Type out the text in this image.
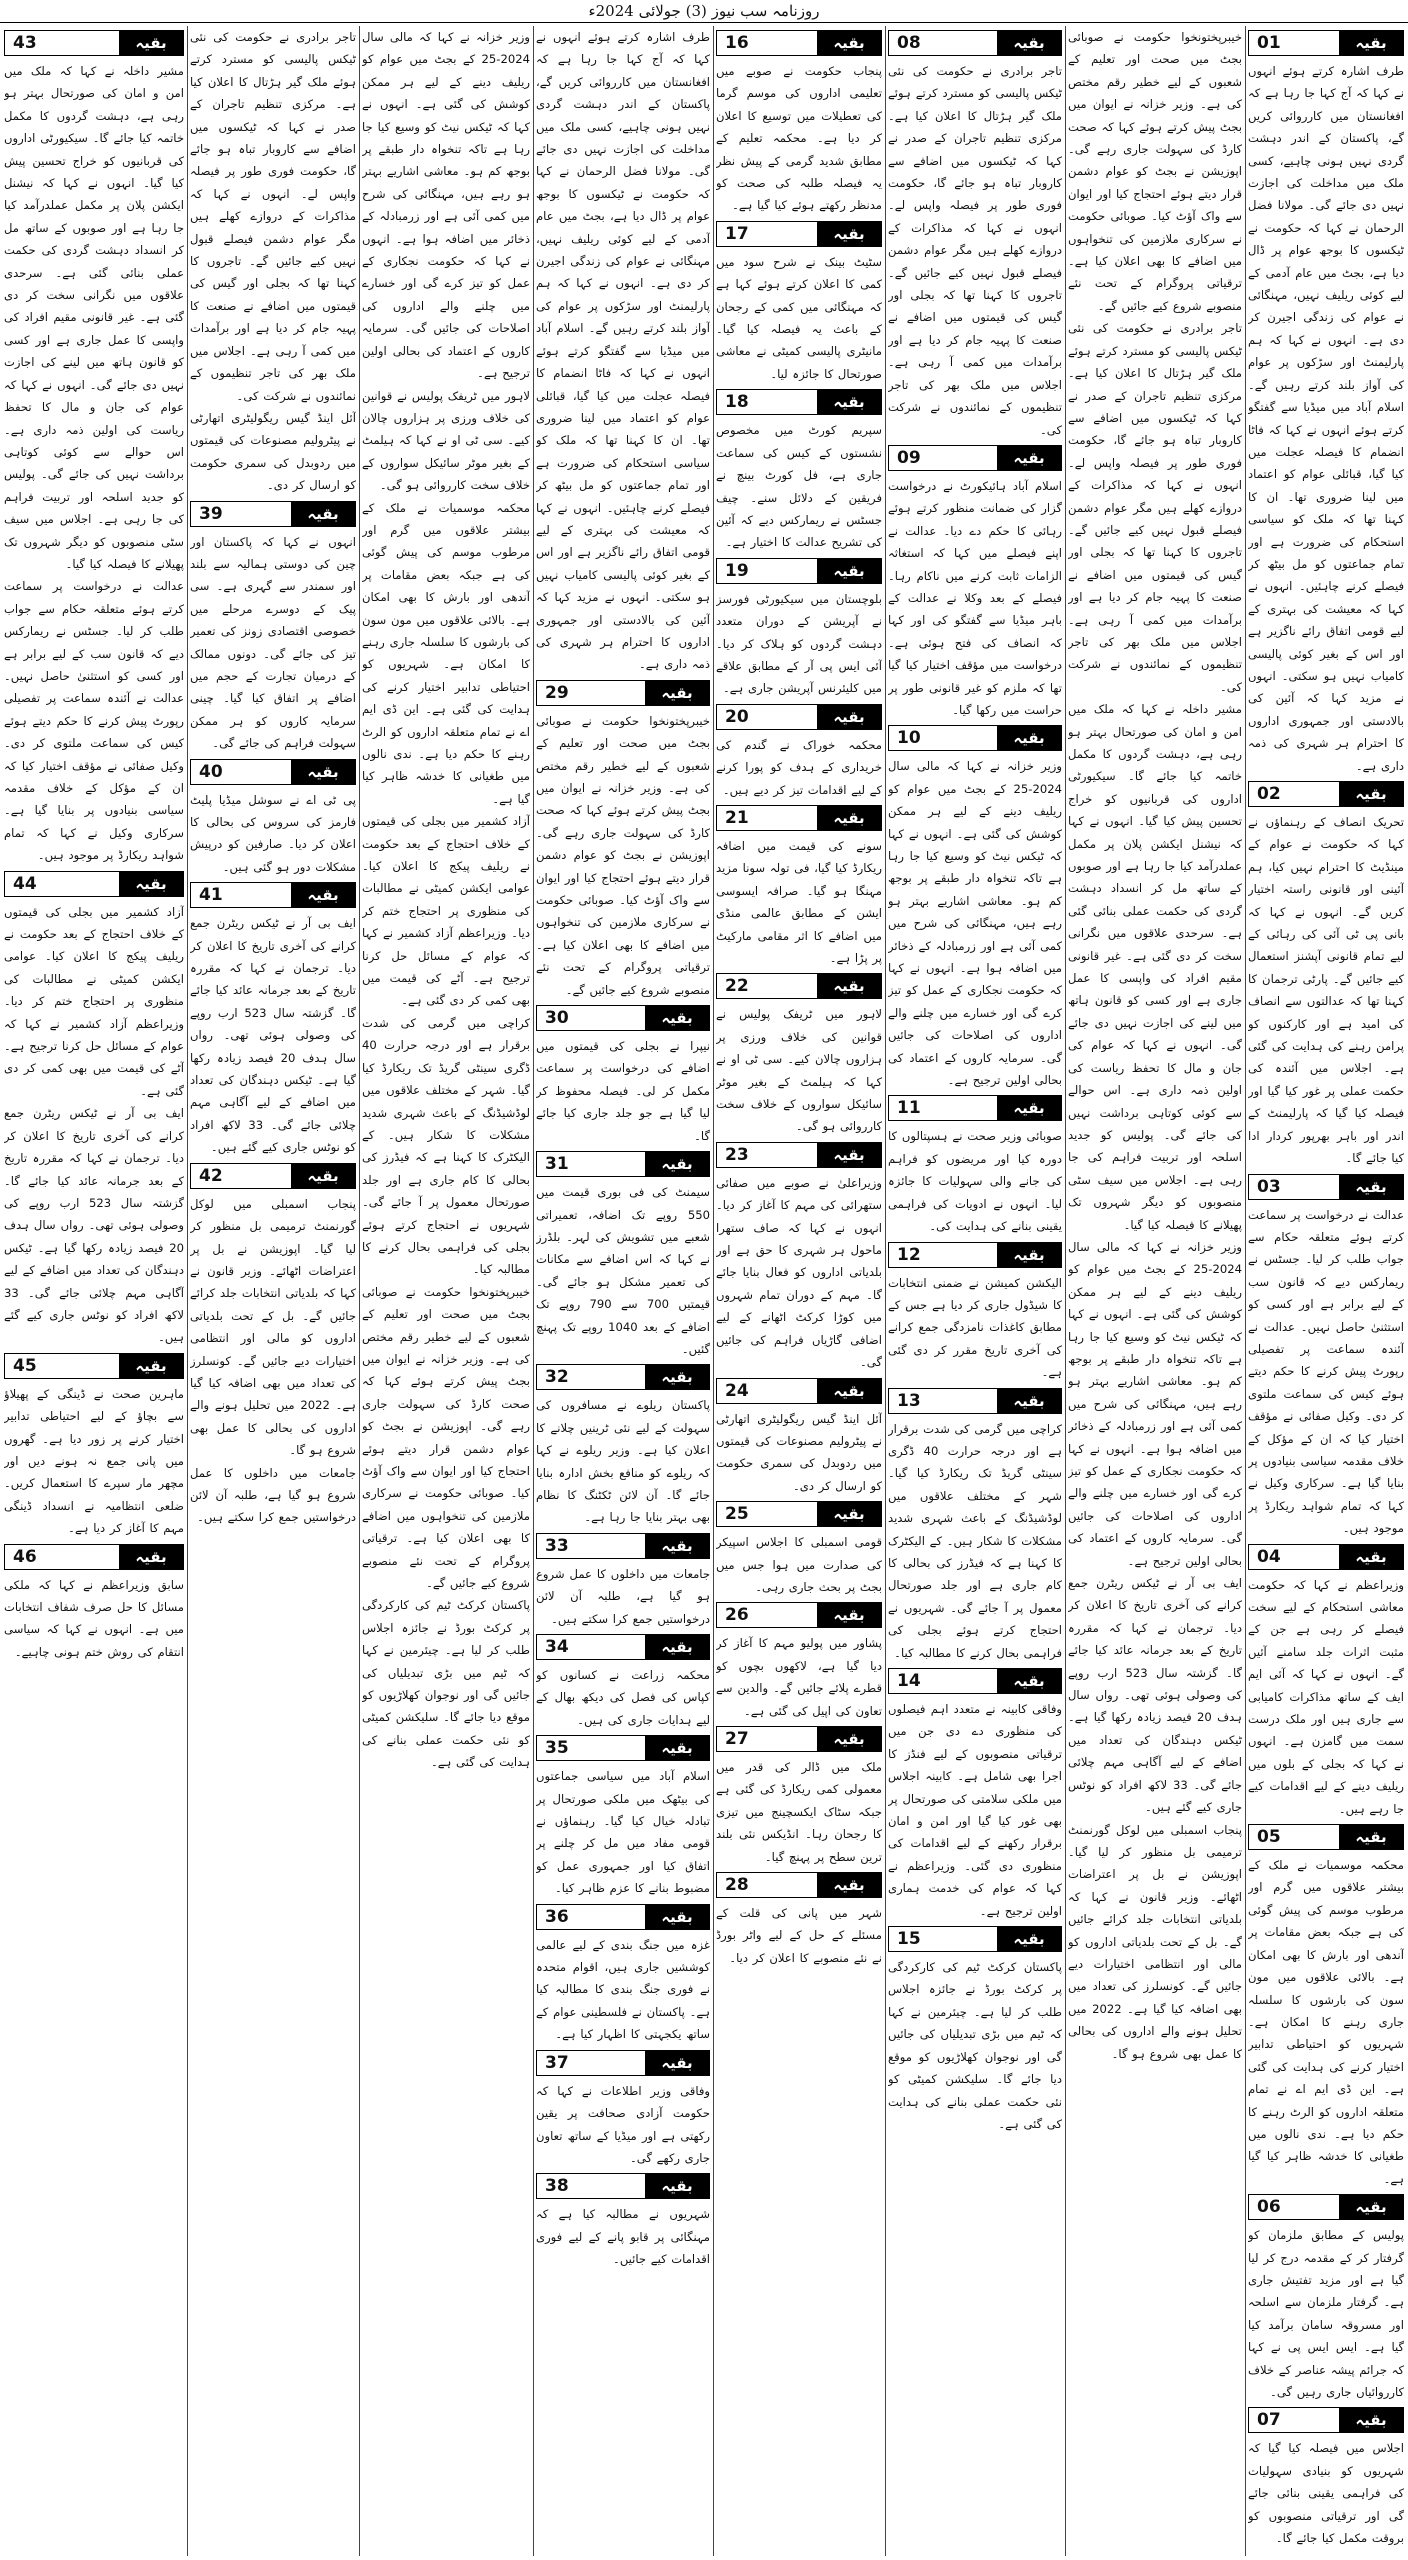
روزنامہ سب نیوز (3) جولائی 2024ء
01	بقیہ
طرف اشارہ کرتے ہوئے انہوں نے کہا کہ آج کہا جا رہا ہے کہ افغانستان میں کارروائی کریں گے، پاکستان کے اندر دہشت گردی نہیں ہونی چاہیے، کسی ملک میں مداخلت کی اجازت نہیں دی جائے گی۔ مولانا فضل الرحمان نے کہا کہ حکومت نے ٹیکسوں کا بوجھ عوام پر ڈال دیا ہے، بجٹ میں عام آدمی کے لیے کوئی ریلیف نہیں، مہنگائی نے عوام کی زندگی اجیرن کر دی ہے۔ انہوں نے کہا کہ ہم پارلیمنٹ اور سڑکوں پر عوام کی آواز بلند کرتے رہیں گے۔ اسلام آباد میں میڈیا سے گفتگو کرتے ہوئے انہوں نے کہا کہ فاٹا انضمام کا فیصلہ عجلت میں کیا گیا، قبائلی عوام کو اعتماد میں لینا ضروری تھا۔ ان کا کہنا تھا کہ ملک کو سیاسی استحکام کی ضرورت ہے اور تمام جماعتوں کو مل بیٹھ کر فیصلے کرنے چاہئیں۔ انہوں نے کہا کہ معیشت کی بہتری کے لیے قومی اتفاق رائے ناگزیر ہے اور اس کے بغیر کوئی پالیسی کامیاب نہیں ہو سکتی۔ انہوں نے مزید کہا کہ آئین کی بالادستی اور جمہوری اداروں کا احترام ہر شہری کی ذمہ داری ہے۔
02	بقیہ
تحریک انصاف کے رہنماؤں نے کہا کہ حکومت نے عوام کے مینڈیٹ کا احترام نہیں کیا، ہم آئینی اور قانونی راستہ اختیار کریں گے۔ انہوں نے کہا کہ بانی پی ٹی آئی کی رہائی کے لیے تمام قانونی آپشنز استعمال کیے جائیں گے۔ پارٹی ترجمان کا کہنا تھا کہ عدالتوں سے انصاف کی امید ہے اور کارکنوں کو پرامن رہنے کی ہدایت کی گئی ہے۔ اجلاس میں آئندہ کی حکمت عملی پر غور کیا گیا اور فیصلہ کیا گیا کہ پارلیمنٹ کے اندر اور باہر بھرپور کردار ادا کیا جائے گا۔
03	بقیہ
عدالت نے درخواست پر سماعت کرتے ہوئے متعلقہ حکام سے جواب طلب کر لیا۔ جسٹس نے ریمارکس دیے کہ قانون سب کے لیے برابر ہے اور کسی کو استثنیٰ حاصل نہیں۔ عدالت نے آئندہ سماعت پر تفصیلی رپورٹ پیش کرنے کا حکم دیتے ہوئے کیس کی سماعت ملتوی کر دی۔ وکیل صفائی نے مؤقف اختیار کیا کہ ان کے مؤکل کے خلاف مقدمہ سیاسی بنیادوں پر بنایا گیا ہے۔ سرکاری وکیل نے کہا کہ تمام شواہد ریکارڈ پر موجود ہیں۔
04	بقیہ
وزیراعظم نے کہا کہ حکومت معاشی استحکام کے لیے سخت فیصلے کر رہی ہے جن کے مثبت اثرات جلد سامنے آئیں گے۔ انہوں نے کہا کہ آئی ایم ایف کے ساتھ مذاکرات کامیابی سے جاری ہیں اور ملک درست سمت میں گامزن ہے۔ انہوں نے کہا کہ بجلی کے بلوں میں ریلیف دینے کے لیے اقدامات کیے جا رہے ہیں۔
05	بقیہ
محکمہ موسمیات نے ملک کے بیشتر علاقوں میں گرم اور مرطوب موسم کی پیش گوئی کی ہے جبکہ بعض مقامات پر آندھی اور بارش کا بھی امکان ہے۔ بالائی علاقوں میں مون سون کی بارشوں کا سلسلہ جاری رہنے کا امکان ہے۔ شہریوں کو احتیاطی تدابیر اختیار کرنے کی ہدایت کی گئی ہے۔ این ڈی ایم اے نے تمام متعلقہ اداروں کو الرٹ رہنے کا حکم دیا ہے۔ ندی نالوں میں طغیانی کا خدشہ ظاہر کیا گیا ہے۔
06	بقیہ
پولیس کے مطابق ملزمان کو گرفتار کر کے مقدمہ درج کر لیا گیا ہے اور مزید تفتیش جاری ہے۔ گرفتار ملزمان سے اسلحہ اور مسروقہ سامان برآمد کیا گیا ہے۔ ایس ایس پی نے کہا کہ جرائم پیشہ عناصر کے خلاف کارروائیاں جاری رہیں گی۔
07	بقیہ
اجلاس میں فیصلہ کیا گیا کہ شہریوں کو بنیادی سہولیات کی فراہمی یقینی بنائی جائے گی اور ترقیاتی منصوبوں کو بروقت مکمل کیا جائے گا۔
خیبرپختونخوا حکومت نے صوبائی بجٹ میں صحت اور تعلیم کے شعبوں کے لیے خطیر رقم مختص کی ہے۔ وزیر خزانہ نے ایوان میں بجٹ پیش کرتے ہوئے کہا کہ صحت کارڈ کی سہولت جاری رہے گی۔ اپوزیشن نے بجٹ کو عوام دشمن قرار دیتے ہوئے احتجاج کیا اور ایوان سے واک آؤٹ کیا۔ صوبائی حکومت نے سرکاری ملازمین کی تنخواہوں میں اضافے کا بھی اعلان کیا ہے۔ ترقیاتی پروگرام کے تحت نئے منصوبے شروع کیے جائیں گے۔
تاجر برادری نے حکومت کی نئی ٹیکس پالیسی کو مسترد کرتے ہوئے ملک گیر ہڑتال کا اعلان کیا ہے۔ مرکزی تنظیم تاجران کے صدر نے کہا کہ ٹیکسوں میں اضافے سے کاروبار تباہ ہو جائے گا، حکومت فوری طور پر فیصلہ واپس لے۔ انہوں نے کہا کہ مذاکرات کے دروازے کھلے ہیں مگر عوام دشمن فیصلے قبول نہیں کیے جائیں گے۔ تاجروں کا کہنا تھا کہ بجلی اور گیس کی قیمتوں میں اضافے نے صنعت کا پہیہ جام کر دیا ہے اور برآمدات میں کمی آ رہی ہے۔ اجلاس میں ملک بھر کی تاجر تنظیموں کے نمائندوں نے شرکت کی۔
مشیر داخلہ نے کہا کہ ملک میں امن و امان کی صورتحال بہتر ہو رہی ہے، دہشت گردوں کا مکمل خاتمہ کیا جائے گا۔ سیکیورٹی اداروں کی قربانیوں کو خراج تحسین پیش کیا گیا۔ انہوں نے کہا کہ نیشنل ایکشن پلان پر مکمل عملدرآمد کیا جا رہا ہے اور صوبوں کے ساتھ مل کر انسداد دہشت گردی کی حکمت عملی بنائی گئی ہے۔ سرحدی علاقوں میں نگرانی سخت کر دی گئی ہے۔ غیر قانونی مقیم افراد کی واپسی کا عمل جاری ہے اور کسی کو قانون ہاتھ میں لینے کی اجازت نہیں دی جائے گی۔ انہوں نے کہا کہ عوام کی جان و مال کا تحفظ ریاست کی اولین ذمہ داری ہے۔ اس حوالے سے کوئی کوتاہی برداشت نہیں کی جائے گی۔ پولیس کو جدید اسلحہ اور تربیت فراہم کی جا رہی ہے۔ اجلاس میں سیف سٹی منصوبوں کو دیگر شہروں تک پھیلانے کا فیصلہ کیا گیا۔
وزیر خزانہ نے کہا کہ مالی سال 2024-25 کے بجٹ میں عوام کو ریلیف دینے کے لیے ہر ممکن کوشش کی گئی ہے۔ انہوں نے کہا کہ ٹیکس نیٹ کو وسیع کیا جا رہا ہے تاکہ تنخواہ دار طبقے پر بوجھ کم ہو۔ معاشی اشاریے بہتر ہو رہے ہیں، مہنگائی کی شرح میں کمی آئی ہے اور زرمبادلہ کے ذخائر میں اضافہ ہوا ہے۔ انہوں نے کہا کہ حکومت نجکاری کے عمل کو تیز کرے گی اور خسارے میں چلنے والے اداروں کی اصلاحات کی جائیں گی۔ سرمایہ کاروں کے اعتماد کی بحالی اولین ترجیح ہے۔
ایف بی آر نے ٹیکس ریٹرن جمع کرانے کی آخری تاریخ کا اعلان کر دیا۔ ترجمان نے کہا کہ مقررہ تاریخ کے بعد جرمانہ عائد کیا جائے گا۔ گزشتہ سال 523 ارب روپے کی وصولی ہوئی تھی۔ رواں سال ہدف 20 فیصد زیادہ رکھا گیا ہے۔ ٹیکس دہندگان کی تعداد میں اضافے کے لیے آگاہی مہم چلائی جائے گی۔ 33 لاکھ افراد کو نوٹس جاری کیے گئے ہیں۔
پنجاب اسمبلی میں لوکل گورنمنٹ ترمیمی بل منظور کر لیا گیا۔ اپوزیشن نے بل پر اعتراضات اٹھائے۔ وزیر قانون نے کہا کہ بلدیاتی انتخابات جلد کرائے جائیں گے۔ بل کے تحت بلدیاتی اداروں کو مالی اور انتظامی اختیارات دیے جائیں گے۔ کونسلرز کی تعداد میں بھی اضافہ کیا گیا ہے۔ 2022 میں تحلیل ہونے والے اداروں کی بحالی کا عمل بھی شروع ہو گا۔
08	بقیہ
تاجر برادری نے حکومت کی نئی ٹیکس پالیسی کو مسترد کرتے ہوئے ملک گیر ہڑتال کا اعلان کیا ہے۔ مرکزی تنظیم تاجران کے صدر نے کہا کہ ٹیکسوں میں اضافے سے کاروبار تباہ ہو جائے گا، حکومت فوری طور پر فیصلہ واپس لے۔ انہوں نے کہا کہ مذاکرات کے دروازے کھلے ہیں مگر عوام دشمن فیصلے قبول نہیں کیے جائیں گے۔ تاجروں کا کہنا تھا کہ بجلی اور گیس کی قیمتوں میں اضافے نے صنعت کا پہیہ جام کر دیا ہے اور برآمدات میں کمی آ رہی ہے۔ اجلاس میں ملک بھر کی تاجر تنظیموں کے نمائندوں نے شرکت کی۔
09	بقیہ
اسلام آباد ہائیکورٹ نے درخواست گزار کی ضمانت منظور کرتے ہوئے رہائی کا حکم دے دیا۔ عدالت نے اپنے فیصلے میں کہا کہ استغاثہ الزامات ثابت کرنے میں ناکام رہا۔ فیصلے کے بعد وکلا نے عدالت کے باہر میڈیا سے گفتگو کی اور کہا کہ انصاف کی فتح ہوئی ہے۔ درخواست میں مؤقف اختیار کیا گیا تھا کہ ملزم کو غیر قانونی طور پر حراست میں رکھا گیا۔
10	بقیہ
وزیر خزانہ نے کہا کہ مالی سال 2024-25 کے بجٹ میں عوام کو ریلیف دینے کے لیے ہر ممکن کوشش کی گئی ہے۔ انہوں نے کہا کہ ٹیکس نیٹ کو وسیع کیا جا رہا ہے تاکہ تنخواہ دار طبقے پر بوجھ کم ہو۔ معاشی اشاریے بہتر ہو رہے ہیں، مہنگائی کی شرح میں کمی آئی ہے اور زرمبادلہ کے ذخائر میں اضافہ ہوا ہے۔ انہوں نے کہا کہ حکومت نجکاری کے عمل کو تیز کرے گی اور خسارے میں چلنے والے اداروں کی اصلاحات کی جائیں گی۔ سرمایہ کاروں کے اعتماد کی بحالی اولین ترجیح ہے۔
11	بقیہ
صوبائی وزیر صحت نے ہسپتالوں کا دورہ کیا اور مریضوں کو فراہم کی جانے والی سہولیات کا جائزہ لیا۔ انہوں نے ادویات کی فراہمی یقینی بنانے کی ہدایت کی۔
12	بقیہ
الیکشن کمیشن نے ضمنی انتخابات کا شیڈول جاری کر دیا ہے جس کے مطابق کاغذات نامزدگی جمع کرانے کی آخری تاریخ مقرر کر دی گئی ہے۔
13	بقیہ
کراچی میں گرمی کی شدت برقرار ہے اور درجہ حرارت 40 ڈگری سینٹی گریڈ تک ریکارڈ کیا گیا۔ شہر کے مختلف علاقوں میں لوڈشیڈنگ کے باعث شہری شدید مشکلات کا شکار ہیں۔ کے الیکٹرک کا کہنا ہے کہ فیڈرز کی بحالی کا کام جاری ہے اور جلد صورتحال معمول پر آ جائے گی۔ شہریوں نے احتجاج کرتے ہوئے بجلی کی فراہمی بحال کرنے کا مطالبہ کیا۔
14	بقیہ
وفاقی کابینہ نے متعدد اہم فیصلوں کی منظوری دے دی جن میں ترقیاتی منصوبوں کے لیے فنڈز کا اجرا بھی شامل ہے۔ کابینہ اجلاس میں ملکی سلامتی کی صورتحال پر بھی غور کیا گیا اور امن و امان برقرار رکھنے کے لیے اقدامات کی منظوری دی گئی۔ وزیراعظم نے کہا کہ عوام کی خدمت ہماری اولین ترجیح ہے۔
15	بقیہ
پاکستان کرکٹ ٹیم کی کارکردگی پر کرکٹ بورڈ نے جائزہ اجلاس طلب کر لیا ہے۔ چیئرمین نے کہا کہ ٹیم میں بڑی تبدیلیاں کی جائیں گی اور نوجوان کھلاڑیوں کو موقع دیا جائے گا۔ سلیکشن کمیٹی کو نئی حکمت عملی بنانے کی ہدایت کی گئی ہے۔
16	بقیہ
پنجاب حکومت نے صوبے میں تعلیمی اداروں کی موسم گرما کی تعطیلات میں توسیع کا اعلان کر دیا ہے۔ محکمہ تعلیم کے مطابق شدید گرمی کے پیش نظر یہ فیصلہ طلبہ کی صحت کو مدنظر رکھتے ہوئے کیا گیا ہے۔
17	بقیہ
سٹیٹ بینک نے شرح سود میں کمی کا اعلان کرتے ہوئے کہا ہے کہ مہنگائی میں کمی کے رجحان کے باعث یہ فیصلہ کیا گیا۔ مانیٹری پالیسی کمیٹی نے معاشی صورتحال کا جائزہ لیا۔
18	بقیہ
سپریم کورٹ میں مخصوص نشستوں کے کیس کی سماعت جاری ہے، فل کورٹ بینچ نے فریقین کے دلائل سنے۔ چیف جسٹس نے ریمارکس دیے کہ آئین کی تشریح عدالت کا اختیار ہے۔
19	بقیہ
بلوچستان میں سیکیورٹی فورسز نے آپریشن کے دوران متعدد دہشت گردوں کو ہلاک کر دیا۔ آئی ایس پی آر کے مطابق علاقے میں کلیئرنس آپریشن جاری ہے۔
20	بقیہ
محکمہ خوراک نے گندم کی خریداری کے ہدف کو پورا کرنے کے لیے اقدامات تیز کر دیے ہیں۔
21	بقیہ
سونے کی قیمت میں اضافہ ریکارڈ کیا گیا، فی تولہ سونا مزید مہنگا ہو گیا۔ صرافہ ایسوسی ایشن کے مطابق عالمی منڈی میں اضافے کا اثر مقامی مارکیٹ پر پڑا ہے۔
22	بقیہ
لاہور میں ٹریفک پولیس نے قوانین کی خلاف ورزی پر ہزاروں چالان کیے۔ سی ٹی او نے کہا کہ ہیلمٹ کے بغیر موٹر سائیکل سواروں کے خلاف سخت کارروائی ہو گی۔
23	بقیہ
وزیراعلیٰ نے صوبے میں صفائی ستھرائی کی مہم کا آغاز کر دیا۔ انہوں نے کہا کہ صاف ستھرا ماحول ہر شہری کا حق ہے اور بلدیاتی اداروں کو فعال بنایا جائے گا۔ مہم کے دوران تمام شہروں میں کوڑا کرکٹ اٹھانے کے لیے اضافی گاڑیاں فراہم کی جائیں گی۔
24	بقیہ
آئل اینڈ گیس ریگولیٹری اتھارٹی نے پیٹرولیم مصنوعات کی قیمتوں میں ردوبدل کی سمری حکومت کو ارسال کر دی۔
25	بقیہ
قومی اسمبلی کا اجلاس اسپیکر کی صدارت میں ہوا جس میں بجٹ پر بحث جاری رہی۔
26	بقیہ
پشاور میں پولیو مہم کا آغاز کر دیا گیا ہے، لاکھوں بچوں کو قطرے پلائے جائیں گے۔ والدین سے تعاون کی اپیل کی گئی ہے۔
27	بقیہ
ملک میں ڈالر کی قدر میں معمولی کمی ریکارڈ کی گئی ہے جبکہ سٹاک ایکسچینج میں تیزی کا رجحان رہا۔ انڈیکس نئی بلند ترین سطح پر پہنچ گیا۔
28	بقیہ
شہر میں پانی کی قلت کے مسئلے کے حل کے لیے واٹر بورڈ نے نئے منصوبے کا اعلان کر دیا۔
طرف اشارہ کرتے ہوئے انہوں نے کہا کہ آج کہا جا رہا ہے کہ افغانستان میں کارروائی کریں گے، پاکستان کے اندر دہشت گردی نہیں ہونی چاہیے، کسی ملک میں مداخلت کی اجازت نہیں دی جائے گی۔ مولانا فضل الرحمان نے کہا کہ حکومت نے ٹیکسوں کا بوجھ عوام پر ڈال دیا ہے، بجٹ میں عام آدمی کے لیے کوئی ریلیف نہیں، مہنگائی نے عوام کی زندگی اجیرن کر دی ہے۔ انہوں نے کہا کہ ہم پارلیمنٹ اور سڑکوں پر عوام کی آواز بلند کرتے رہیں گے۔ اسلام آباد میں میڈیا سے گفتگو کرتے ہوئے انہوں نے کہا کہ فاٹا انضمام کا فیصلہ عجلت میں کیا گیا، قبائلی عوام کو اعتماد میں لینا ضروری تھا۔ ان کا کہنا تھا کہ ملک کو سیاسی استحکام کی ضرورت ہے اور تمام جماعتوں کو مل بیٹھ کر فیصلے کرنے چاہئیں۔ انہوں نے کہا کہ معیشت کی بہتری کے لیے قومی اتفاق رائے ناگزیر ہے اور اس کے بغیر کوئی پالیسی کامیاب نہیں ہو سکتی۔ انہوں نے مزید کہا کہ آئین کی بالادستی اور جمہوری اداروں کا احترام ہر شہری کی ذمہ داری ہے۔
29	بقیہ
خیبرپختونخوا حکومت نے صوبائی بجٹ میں صحت اور تعلیم کے شعبوں کے لیے خطیر رقم مختص کی ہے۔ وزیر خزانہ نے ایوان میں بجٹ پیش کرتے ہوئے کہا کہ صحت کارڈ کی سہولت جاری رہے گی۔ اپوزیشن نے بجٹ کو عوام دشمن قرار دیتے ہوئے احتجاج کیا اور ایوان سے واک آؤٹ کیا۔ صوبائی حکومت نے سرکاری ملازمین کی تنخواہوں میں اضافے کا بھی اعلان کیا ہے۔ ترقیاتی پروگرام کے تحت نئے منصوبے شروع کیے جائیں گے۔
30	بقیہ
نیپرا نے بجلی کی قیمتوں میں اضافے کی درخواست پر سماعت مکمل کر لی۔ فیصلہ محفوظ کر لیا گیا ہے جو جلد جاری کیا جائے گا۔
31	بقیہ
سیمنٹ کی فی بوری قیمت میں 550 روپے تک اضافہ، تعمیراتی شعبے میں تشویش کی لہر۔ بلڈرز نے کہا کہ اس اضافے سے مکانات کی تعمیر مشکل ہو جائے گی۔ قیمتیں 700 سے 790 روپے تک اضافے کے بعد 1040 روپے تک پہنچ گئیں۔
32	بقیہ
پاکستان ریلوے نے مسافروں کی سہولت کے لیے نئی ٹرینیں چلانے کا اعلان کیا ہے۔ وزیر ریلوے نے کہا کہ ریلوے کو منافع بخش ادارہ بنایا جائے گا۔ آن لائن ٹکٹنگ کا نظام بھی بہتر بنایا جا رہا ہے۔
33	بقیہ
جامعات میں داخلوں کا عمل شروع ہو گیا ہے، طلبہ آن لائن درخواستیں جمع کرا سکتے ہیں۔
34	بقیہ
محکمہ زراعت نے کسانوں کو کپاس کی فصل کی دیکھ بھال کے لیے ہدایات جاری کی ہیں۔
35	بقیہ
اسلام آباد میں سیاسی جماعتوں کی بیٹھک میں ملکی صورتحال پر تبادلہ خیال کیا گیا۔ رہنماؤں نے قومی مفاد میں مل کر چلنے پر اتفاق کیا اور جمہوری عمل کو مضبوط بنانے کا عزم ظاہر کیا۔
36	بقیہ
غزہ میں جنگ بندی کے لیے عالمی کوششیں جاری ہیں، اقوام متحدہ نے فوری جنگ بندی کا مطالبہ کیا ہے۔ پاکستان نے فلسطینی عوام کے ساتھ یکجہتی کا اظہار کیا ہے۔
37	بقیہ
وفاقی وزیر اطلاعات نے کہا کہ حکومت آزادی صحافت پر یقین رکھتی ہے اور میڈیا کے ساتھ تعاون جاری رکھے گی۔
38	بقیہ
شہریوں نے مطالبہ کیا ہے کہ مہنگائی پر قابو پانے کے لیے فوری اقدامات کیے جائیں۔
وزیر خزانہ نے کہا کہ مالی سال 2024-25 کے بجٹ میں عوام کو ریلیف دینے کے لیے ہر ممکن کوشش کی گئی ہے۔ انہوں نے کہا کہ ٹیکس نیٹ کو وسیع کیا جا رہا ہے تاکہ تنخواہ دار طبقے پر بوجھ کم ہو۔ معاشی اشاریے بہتر ہو رہے ہیں، مہنگائی کی شرح میں کمی آئی ہے اور زرمبادلہ کے ذخائر میں اضافہ ہوا ہے۔ انہوں نے کہا کہ حکومت نجکاری کے عمل کو تیز کرے گی اور خسارے میں چلنے والے اداروں کی اصلاحات کی جائیں گی۔ سرمایہ کاروں کے اعتماد کی بحالی اولین ترجیح ہے۔
لاہور میں ٹریفک پولیس نے قوانین کی خلاف ورزی پر ہزاروں چالان کیے۔ سی ٹی او نے کہا کہ ہیلمٹ کے بغیر موٹر سائیکل سواروں کے خلاف سخت کارروائی ہو گی۔
محکمہ موسمیات نے ملک کے بیشتر علاقوں میں گرم اور مرطوب موسم کی پیش گوئی کی ہے جبکہ بعض مقامات پر آندھی اور بارش کا بھی امکان ہے۔ بالائی علاقوں میں مون سون کی بارشوں کا سلسلہ جاری رہنے کا امکان ہے۔ شہریوں کو احتیاطی تدابیر اختیار کرنے کی ہدایت کی گئی ہے۔ این ڈی ایم اے نے تمام متعلقہ اداروں کو الرٹ رہنے کا حکم دیا ہے۔ ندی نالوں میں طغیانی کا خدشہ ظاہر کیا گیا ہے۔
آزاد کشمیر میں بجلی کی قیمتوں کے خلاف احتجاج کے بعد حکومت نے ریلیف پیکج کا اعلان کیا۔ عوامی ایکشن کمیٹی نے مطالبات کی منظوری پر احتجاج ختم کر دیا۔ وزیراعظم آزاد کشمیر نے کہا کہ عوام کے مسائل حل کرنا ترجیح ہے۔ آٹے کی قیمت میں بھی کمی کر دی گئی ہے۔
کراچی میں گرمی کی شدت برقرار ہے اور درجہ حرارت 40 ڈگری سینٹی گریڈ تک ریکارڈ کیا گیا۔ شہر کے مختلف علاقوں میں لوڈشیڈنگ کے باعث شہری شدید مشکلات کا شکار ہیں۔ کے الیکٹرک کا کہنا ہے کہ فیڈرز کی بحالی کا کام جاری ہے اور جلد صورتحال معمول پر آ جائے گی۔ شہریوں نے احتجاج کرتے ہوئے بجلی کی فراہمی بحال کرنے کا مطالبہ کیا۔
خیبرپختونخوا حکومت نے صوبائی بجٹ میں صحت اور تعلیم کے شعبوں کے لیے خطیر رقم مختص کی ہے۔ وزیر خزانہ نے ایوان میں بجٹ پیش کرتے ہوئے کہا کہ صحت کارڈ کی سہولت جاری رہے گی۔ اپوزیشن نے بجٹ کو عوام دشمن قرار دیتے ہوئے احتجاج کیا اور ایوان سے واک آؤٹ کیا۔ صوبائی حکومت نے سرکاری ملازمین کی تنخواہوں میں اضافے کا بھی اعلان کیا ہے۔ ترقیاتی پروگرام کے تحت نئے منصوبے شروع کیے جائیں گے۔
پاکستان کرکٹ ٹیم کی کارکردگی پر کرکٹ بورڈ نے جائزہ اجلاس طلب کر لیا ہے۔ چیئرمین نے کہا کہ ٹیم میں بڑی تبدیلیاں کی جائیں گی اور نوجوان کھلاڑیوں کو موقع دیا جائے گا۔ سلیکشن کمیٹی کو نئی حکمت عملی بنانے کی ہدایت کی گئی ہے۔
تاجر برادری نے حکومت کی نئی ٹیکس پالیسی کو مسترد کرتے ہوئے ملک گیر ہڑتال کا اعلان کیا ہے۔ مرکزی تنظیم تاجران کے صدر نے کہا کہ ٹیکسوں میں اضافے سے کاروبار تباہ ہو جائے گا، حکومت فوری طور پر فیصلہ واپس لے۔ انہوں نے کہا کہ مذاکرات کے دروازے کھلے ہیں مگر عوام دشمن فیصلے قبول نہیں کیے جائیں گے۔ تاجروں کا کہنا تھا کہ بجلی اور گیس کی قیمتوں میں اضافے نے صنعت کا پہیہ جام کر دیا ہے اور برآمدات میں کمی آ رہی ہے۔ اجلاس میں ملک بھر کی تاجر تنظیموں کے نمائندوں نے شرکت کی۔
آئل اینڈ گیس ریگولیٹری اتھارٹی نے پیٹرولیم مصنوعات کی قیمتوں میں ردوبدل کی سمری حکومت کو ارسال کر دی۔
39	بقیہ
انہوں نے کہا کہ پاکستان اور چین کی دوستی ہمالیہ سے بلند اور سمندر سے گہری ہے۔ سی پیک کے دوسرے مرحلے میں خصوصی اقتصادی زونز کی تعمیر تیز کی جائے گی۔ دونوں ممالک کے درمیان تجارت کے حجم میں اضافے پر اتفاق کیا گیا۔ چینی سرمایہ کاروں کو ہر ممکن سہولت فراہم کی جائے گی۔
40	بقیہ
پی ٹی اے نے سوشل میڈیا پلیٹ فارمز کی سروس کی بحالی کا اعلان کر دیا۔ صارفین کو درپیش مشکلات دور ہو گئی ہیں۔
41	بقیہ
ایف بی آر نے ٹیکس ریٹرن جمع کرانے کی آخری تاریخ کا اعلان کر دیا۔ ترجمان نے کہا کہ مقررہ تاریخ کے بعد جرمانہ عائد کیا جائے گا۔ گزشتہ سال 523 ارب روپے کی وصولی ہوئی تھی۔ رواں سال ہدف 20 فیصد زیادہ رکھا گیا ہے۔ ٹیکس دہندگان کی تعداد میں اضافے کے لیے آگاہی مہم چلائی جائے گی۔ 33 لاکھ افراد کو نوٹس جاری کیے گئے ہیں۔
42	بقیہ
پنجاب اسمبلی میں لوکل گورنمنٹ ترمیمی بل منظور کر لیا گیا۔ اپوزیشن نے بل پر اعتراضات اٹھائے۔ وزیر قانون نے کہا کہ بلدیاتی انتخابات جلد کرائے جائیں گے۔ بل کے تحت بلدیاتی اداروں کو مالی اور انتظامی اختیارات دیے جائیں گے۔ کونسلرز کی تعداد میں بھی اضافہ کیا گیا ہے۔ 2022 میں تحلیل ہونے والے اداروں کی بحالی کا عمل بھی شروع ہو گا۔
جامعات میں داخلوں کا عمل شروع ہو گیا ہے، طلبہ آن لائن درخواستیں جمع کرا سکتے ہیں۔
43	بقیہ
مشیر داخلہ نے کہا کہ ملک میں امن و امان کی صورتحال بہتر ہو رہی ہے، دہشت گردوں کا مکمل خاتمہ کیا جائے گا۔ سیکیورٹی اداروں کی قربانیوں کو خراج تحسین پیش کیا گیا۔ انہوں نے کہا کہ نیشنل ایکشن پلان پر مکمل عملدرآمد کیا جا رہا ہے اور صوبوں کے ساتھ مل کر انسداد دہشت گردی کی حکمت عملی بنائی گئی ہے۔ سرحدی علاقوں میں نگرانی سخت کر دی گئی ہے۔ غیر قانونی مقیم افراد کی واپسی کا عمل جاری ہے اور کسی کو قانون ہاتھ میں لینے کی اجازت نہیں دی جائے گی۔ انہوں نے کہا کہ عوام کی جان و مال کا تحفظ ریاست کی اولین ذمہ داری ہے۔ اس حوالے سے کوئی کوتاہی برداشت نہیں کی جائے گی۔ پولیس کو جدید اسلحہ اور تربیت فراہم کی جا رہی ہے۔ اجلاس میں سیف سٹی منصوبوں کو دیگر شہروں تک پھیلانے کا فیصلہ کیا گیا۔
عدالت نے درخواست پر سماعت کرتے ہوئے متعلقہ حکام سے جواب طلب کر لیا۔ جسٹس نے ریمارکس دیے کہ قانون سب کے لیے برابر ہے اور کسی کو استثنیٰ حاصل نہیں۔ عدالت نے آئندہ سماعت پر تفصیلی رپورٹ پیش کرنے کا حکم دیتے ہوئے کیس کی سماعت ملتوی کر دی۔ وکیل صفائی نے مؤقف اختیار کیا کہ ان کے مؤکل کے خلاف مقدمہ سیاسی بنیادوں پر بنایا گیا ہے۔ سرکاری وکیل نے کہا کہ تمام شواہد ریکارڈ پر موجود ہیں۔
44	بقیہ
آزاد کشمیر میں بجلی کی قیمتوں کے خلاف احتجاج کے بعد حکومت نے ریلیف پیکج کا اعلان کیا۔ عوامی ایکشن کمیٹی نے مطالبات کی منظوری پر احتجاج ختم کر دیا۔ وزیراعظم آزاد کشمیر نے کہا کہ عوام کے مسائل حل کرنا ترجیح ہے۔ آٹے کی قیمت میں بھی کمی کر دی گئی ہے۔
ایف بی آر نے ٹیکس ریٹرن جمع کرانے کی آخری تاریخ کا اعلان کر دیا۔ ترجمان نے کہا کہ مقررہ تاریخ کے بعد جرمانہ عائد کیا جائے گا۔ گزشتہ سال 523 ارب روپے کی وصولی ہوئی تھی۔ رواں سال ہدف 20 فیصد زیادہ رکھا گیا ہے۔ ٹیکس دہندگان کی تعداد میں اضافے کے لیے آگاہی مہم چلائی جائے گی۔ 33 لاکھ افراد کو نوٹس جاری کیے گئے ہیں۔
45	بقیہ
ماہرین صحت نے ڈینگی کے پھیلاؤ سے بچاؤ کے لیے احتیاطی تدابیر اختیار کرنے پر زور دیا ہے۔ گھروں میں پانی جمع نہ ہونے دیں اور مچھر مار سپرے کا استعمال کریں۔ ضلعی انتظامیہ نے انسداد ڈینگی مہم کا آغاز کر دیا ہے۔
46	بقیہ
سابق وزیراعظم نے کہا کہ ملکی مسائل کا حل صرف شفاف انتخابات میں ہے۔ انہوں نے کہا کہ سیاسی انتقام کی روش ختم ہونی چاہیے۔
